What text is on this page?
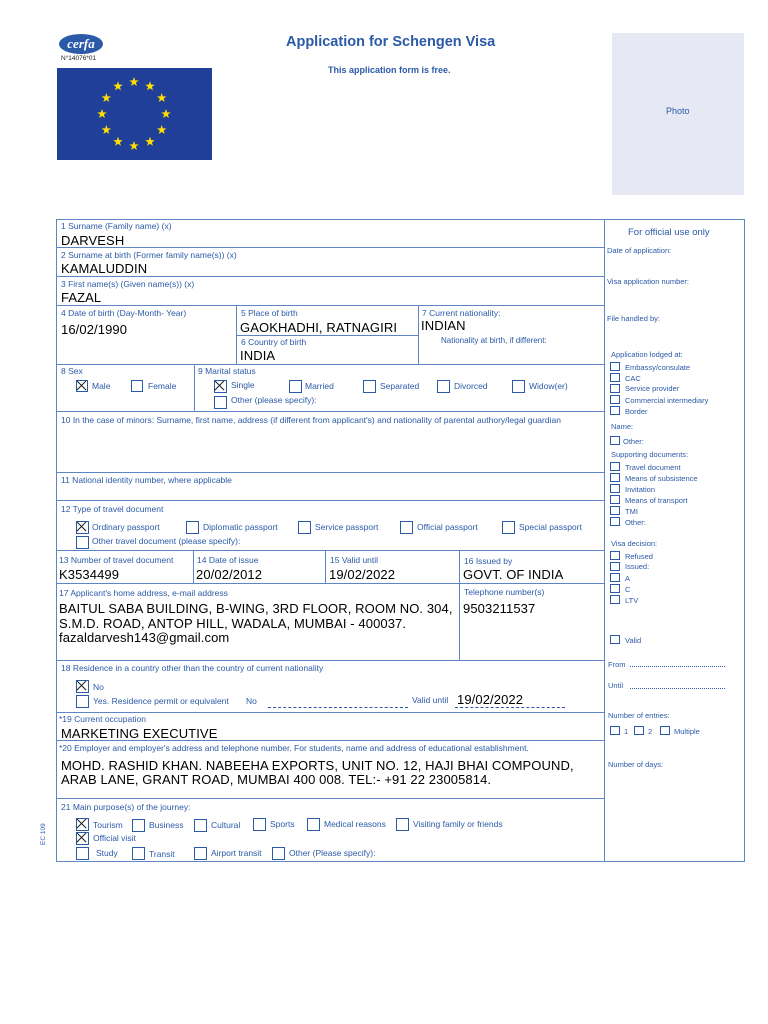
cerfa
N°14076*01
Application for Schengen Visa
This application form is free.
Photo
EC 109
1 Surname (Family name) (x)
DARVESH
2 Surname at birth (Former family name(s)) (x)
KAMALUDDIN
3 First name(s) (Given name(s)) (x)
FAZAL
4 Date of birth (Day-Month- Year)
16/02/1990
5 Place of birth
GAOKHADHI, RATNAGIRI
6 Country of birth
INDIA
7 Current nationality:
INDIAN
Nationality at birth, if different:
8 Sex
Male	Female
9 Marital status
Single	Married	Separated	Divorced	Widow(er)
Other (please specify):
10 In the case of minors: Surname, first name, address (if different from applicant's) and nationality of parental authory/legal guardian
11 National identity number, where applicable
12 Type of travel document
Ordinary passport	Diplomatic passport	Service passport	Official passport	Special passport
Other travel document (please specify):
13 Number of travel document
K3534499
14 Date of issue
20/02/2012
15 Valid until
19/02/2022
16 Issued by
GOVT. OF INDIA
17 Applicant's home address, e-mail address
BAITUL SABA BUILDING, B-WING, 3RD FLOOR, ROOM NO. 304,
S.M.D. ROAD, ANTOP HILL, WADALA, MUMBAI - 400037.
fazaldarvesh143@gmail.com
Telephone number(s)
9503211537
18 Residence in a country other than the country of current nationality
No
Yes. Residence permit or equivalent No	Valid until 19/02/2022
*19 Current occupation
MARKETING EXECUTIVE
*20 Employer and employer's address and telephone number. For students, name and address of educational establishment.
MOHD. RASHID KHAN. NABEEHA EXPORTS, UNIT NO. 12, HAJI BHAI COMPOUND,
ARAB LANE, GRANT ROAD, MUMBAI 400 008. TEL:- +91 22 23005814.
21 Main purpose(s) of the journey:
Tourism	Business	Cultural	Sports	Medical reasons	Visiting family or friends
Official visit
Study	Transit	Airport transit	Other (Please specify):
For official use only
Date of application:
Visa application number:
File handled by:
Application lodged at:
Embassy/consulate
CAC
Service provider
Commercial intermediary
Border
Name:
Other:
Supporting documents:
Travel document
Means of subsistence
Invitation
Means of transport
TMI
Other:
Visa decision:
Refused
Issued:
A
C
LTV
Valid
From
Until
Number of entries:
1	2	Multiple
Number of days:
